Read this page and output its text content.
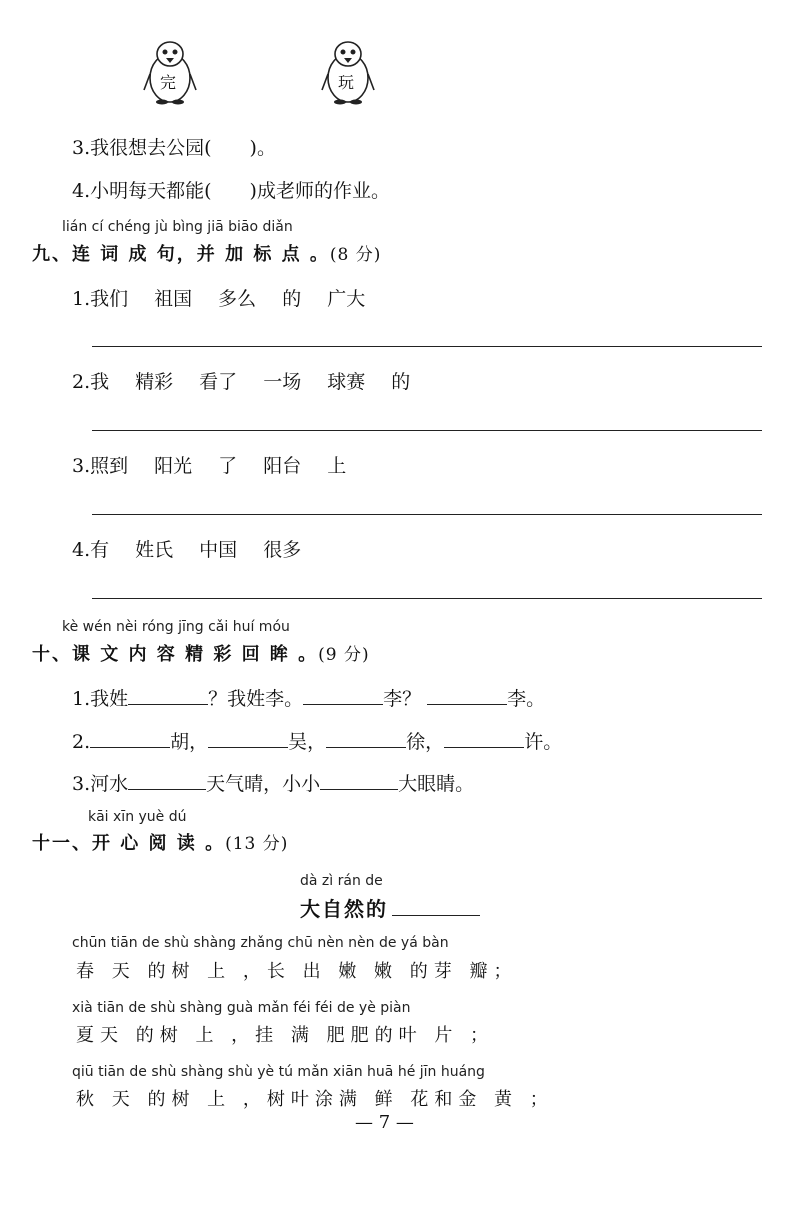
完	玩
3.我很想去公园( )。
4.小明每天都能( )成老师的作业。
lián cí chéng jù bìng jiā biāo diǎn
九、连 词 成 句，并 加 标 点 。(8 分)
1.我们 祖国 多么 的 广大
2.我 精彩 看了 一场 球赛 的
3.照到 阳光 了 阳台 上
4.有 姓氏 中国 很多
kè wén nèi róng jīng cǎi huí móu
十、课 文 内 容 精 彩 回 眸 。(9 分)
1.我姓	？我姓李。	李？	李。
2.	胡，	吴，	徐，	许。
3.河水	天气晴，小小	大眼睛。
kāi xīn yuè dú
十一、开 心 阅 读 。(13 分)
dà zì rán de
大自然的
chūn tiān de shù shàng zhǎng chū nèn nèn de yá bàn
春 天 的树 上 ，长 出 嫩 嫩 的芽 瓣；
xià tiān de shù shàng guà mǎn féi féi de yè piàn
夏天 的树 上 ，挂 满 肥肥的叶 片 ；
qiū tiān de shù shàng shù yè tú mǎn xiān huā hé jīn huáng
秋 天 的树 上 ，树叶涂满 鲜 花和金 黄 ；
— 7 —
